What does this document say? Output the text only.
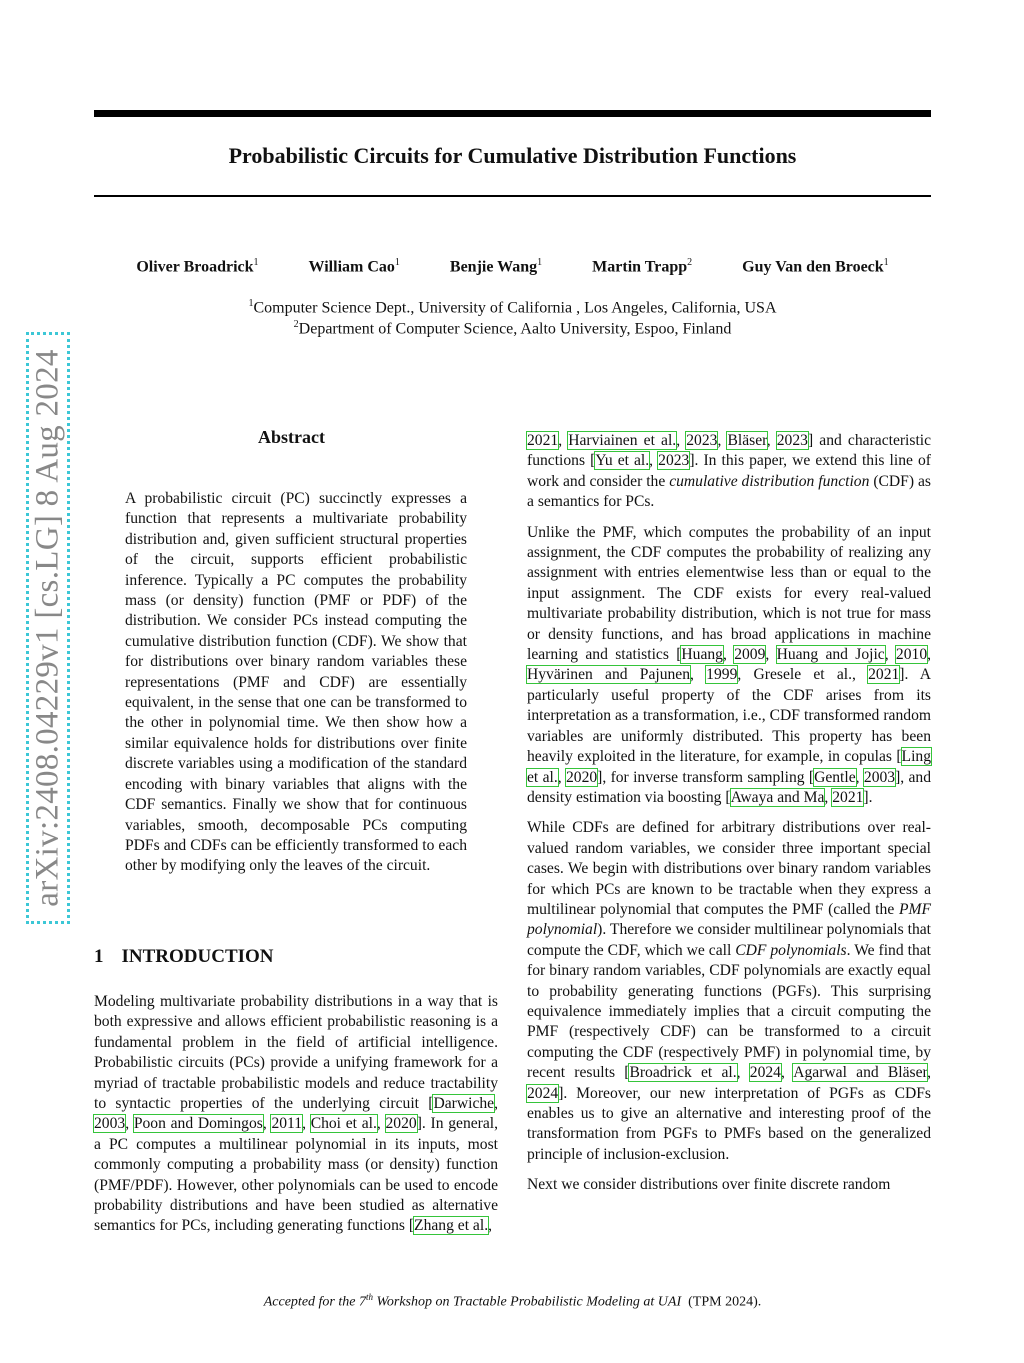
Probabilistic Circuits for Cumulative Distribution Functions
Oliver Broadrick$^1$	William Cao$^1$	Benjie Wang$^1$	Martin Trapp$^2$	Guy Van den Broeck$^1$
$^1$Computer Science Dept., University of California , Los Angeles, California, USA
$^2$Department of Computer Science, Aalto University, Espoo, Finland
arXiv:2408.04229v1 [cs.LG] 8 Aug 2024	Abstract
A probabilistic circuit (PC) succinctly expresses a function that represents a multivariate probability distribution and, given sufficient structural properties of the circuit, supports efficient probabilistic inference. Typically a PC computes the probability mass (or density) function (PMF or PDF) of the distribution. We consider PCs instead computing the cumulative distribution function (CDF). We show that for distributions over binary random variables these representations (PMF and CDF) are essentially equivalent, in the sense that one can be transformed to the other in polynomial time. We then show how a similar equivalence holds for distributions over finite discrete variables using a modification of the standard encoding with binary variables that aligns with the CDF semantics. Finally we show that for continuous variables, smooth, decomposable PCs computing PDFs and CDFs can be efficiently transformed to each other by modifying only the leaves of the circuit.
1 INTRODUCTION
Modeling multivariate probability distributions in a way that is both expressive and allows efficient probabilistic reasoning is a fundamental problem in the field of artificial intelligence. Probabilistic circuits (PCs) provide a unifying framework for a myriad of tractable probabilistic models and reduce tractability to syntactic properties of the underlying circuit [Darwiche, 2003, Poon and Domingos, 2011, Choi et al., 2020]. In general, a PC computes a multilinear polynomial in its inputs, most commonly computing a probability mass (or density) function (PMF/PDF). However, other polynomials can be used to encode probability distributions and have been studied as alternative semantics for PCs, including generating functions [Zhang et al.,

2021, Harviainen et al., 2023, Bläser, 2023] and characteristic functions [Yu et al., 2023]. In this paper, we extend this line of work and consider the cumulative distribution function (CDF) as a semantics for PCs.

Unlike the PMF, which computes the probability of an input assignment, the CDF computes the probability of realizing any assignment with entries elementwise less than or equal to the input assignment. The CDF exists for every real-valued multivariate probability distribution, which is not true for mass or density functions, and has broad applications in machine learning and statistics [Huang, 2009, Huang and Jojic, 2010, Hyvärinen and Pajunen, 1999, Gresele et al., 2021]. A particularly useful property of the CDF arises from its interpretation as a transformation, i.e., CDF transformed random variables are uniformly distributed. This property has been heavily exploited in the literature, for example, in copulas [Ling et al., 2020], for inverse transform sampling [Gentle, 2003], and density estimation via boosting [Awaya and Ma, 2021].

While CDFs are defined for arbitrary distributions over real-valued random variables, we consider three important special cases. We begin with distributions over binary random variables for which PCs are known to be tractable when they express a multilinear polynomial that computes the PMF (called the PMF polynomial). Therefore we consider multilinear polynomials that compute the CDF, which we call CDF polynomials. We find that for binary random variables, CDF polynomials are exactly equal to probability generating functions (PGFs). This surprising equivalence immediately implies that a circuit computing the PMF (respectively CDF) can be transformed to a circuit computing the CDF (respectively PMF) in polynomial time, by recent results [Broadrick et al., 2024, Agarwal and Bläser, 2024]. Moreover, our new interpretation of PGFs as CDFs enables us to give an alternative and interesting proof of the transformation from PGFs to PMFs based on the generalized principle of inclusion-exclusion.

Next we consider distributions over finite discrete random

Accepted for the 7th Workshop on Tractable Probabilistic Modeling at UAI (TPM 2024).
